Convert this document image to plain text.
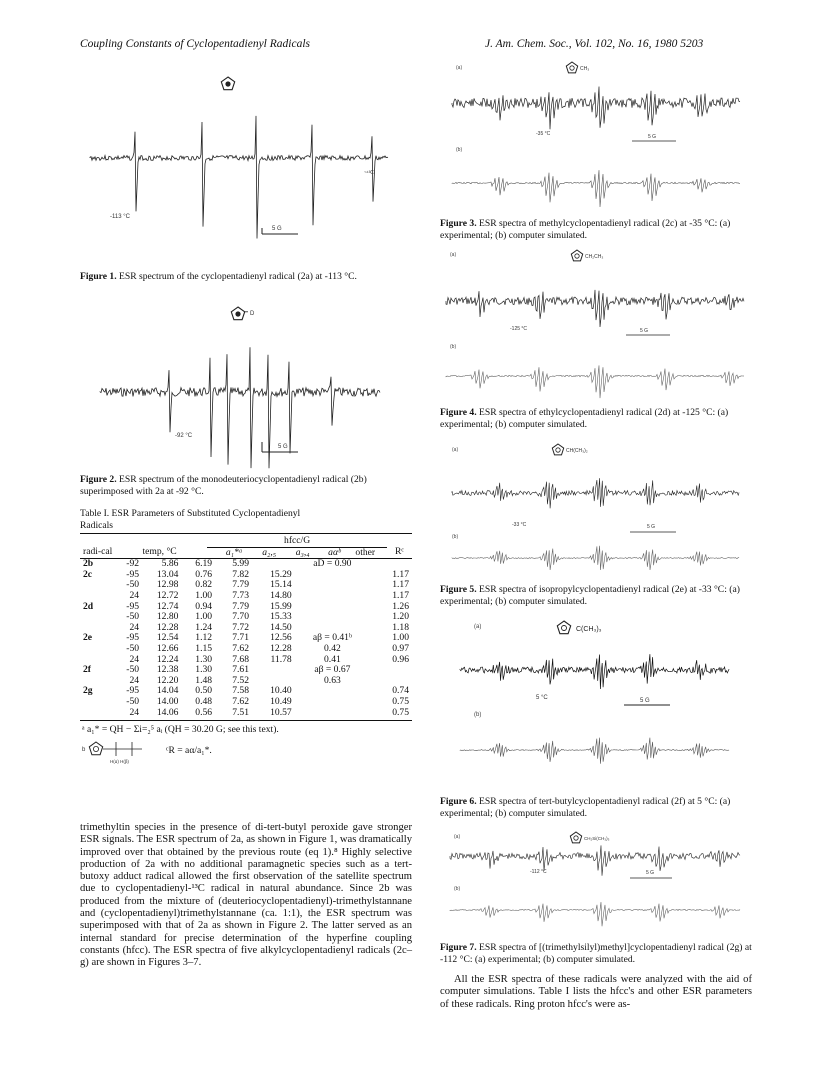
Coupling Constants of Cyclopentadienyl Radicals	J. Am. Chem. Soc., Vol. 102, No. 16, 1980 5203
-113 °C
5 G
~¹³C
Figure 1. ESR spectrum of the cyclopentadienyl radical (2a) at -113 °C.
D
-92 °C
5 G
Figure 2. ESR spectrum of the monodeuteriocyclopentadienyl radical (2b) superimposed with 2a at -92 °C.
Table I. ESR Parameters of Substituted Cyclopentadienyl Radicals
		hfcc/G					
radi-cal	temp, °C	a₁*ᵃ	a₂,₅	a₃,₄	aαᵇ	other	Rᶜ
2b	-92	5.86	6.19	5.99		aD = 0.90	
2c	-95	13.04	0.76	7.82	15.29		1.17
	-50	12.98	0.82	7.79	15.14		1.17
	24	12.72	1.00	7.73	14.80		1.17
2d	-95	12.74	0.94	7.79	15.99		1.26
	-50	12.80	1.00	7.70	15.33		1.20
	24	12.28	1.24	7.72	14.50		1.18
2e	-95	12.54	1.12	7.71	12.56	aβ = 0.41ᵇ	1.00
	-50	12.66	1.15	7.62	12.28	0.42	0.97
	24	12.24	1.30	7.68	11.78	0.41	0.96
2f	-50	12.38	1.30	7.61		aβ = 0.67	
	24	12.20	1.48	7.52		0.63	
2g	-95	14.04	0.50	7.58	10.40		0.74
	-50	14.00	0.48	7.62	10.49		0.75
	24	14.06	0.56	7.51	10.57		0.75
ᵃ a₁* = QH − Σi=₂⁵ aᵢ (QH = 30.20 G; see this text).
b
H(α) H(β)
ᶜR = aα/a₁*.
trimethyltin species in the presence of di-tert-butyl peroxide gave stronger ESR signals. The ESR spectrum of 2a, as shown in Figure 1, was dramatically improved over that obtained by the previous route (eq 1).⁸ Highly selective production of 2a with no additional paramagnetic species such as a tert-butoxy adduct radical allowed the first observation of the satellite spectrum due to cyclopentadienyl-¹³C radical in natural abundance. Since 2b was produced from the mixture of (deuteriocyclopentadienyl)-trimethylstannane and (cyclopentadienyl)trimethylstannane (ca. 1:1), the ESR spectrum was superimposed with that of 2a as shown in Figure 2. The latter served as an internal standard for precise determination of the hyperfine coupling constants (hfcc). The ESR spectra of five alkylcyclopentadienyl radicals (2c–g) are shown in Figures 3–7.
(a)	CH₃
-35 °C	5 G
(b)
Figure 3. ESR spectra of methylcyclopentadienyl radical (2c) at -35 °C: (a) experimental; (b) computer simulated.
(a)	CH₂CH₃
-125 °C	5 G
(b)
Figure 4. ESR spectra of ethylcyclopentadienyl radical (2d) at -125 °C: (a) experimental; (b) computer simulated.
(a)	CH(CH₃)₂
-33 °C	5 G
(b)
Figure 5. ESR spectra of isopropylcyclopentadienyl radical (2e) at -33 °C: (a) experimental; (b) computer simulated.
(a)	C(CH₃)₃
5 °C	5 G
(b)
Figure 6. ESR spectra of tert-butylcyclopentadienyl radical (2f) at 5 °C: (a) experimental; (b) computer simulated.
(a)	CH₂Si(CH₃)₃
-112 °C	5 G
(b)
Figure 7. ESR spectra of [(trimethylsilyl)methyl]cyclopentadienyl radical (2g) at -112 °C: (a) experimental; (b) computer simulated.
All the ESR spectra of these radicals were analyzed with the aid of computer simulations. Table I lists the hfcc's and other ESR parameters of these radicals. Ring proton hfcc's were as-
